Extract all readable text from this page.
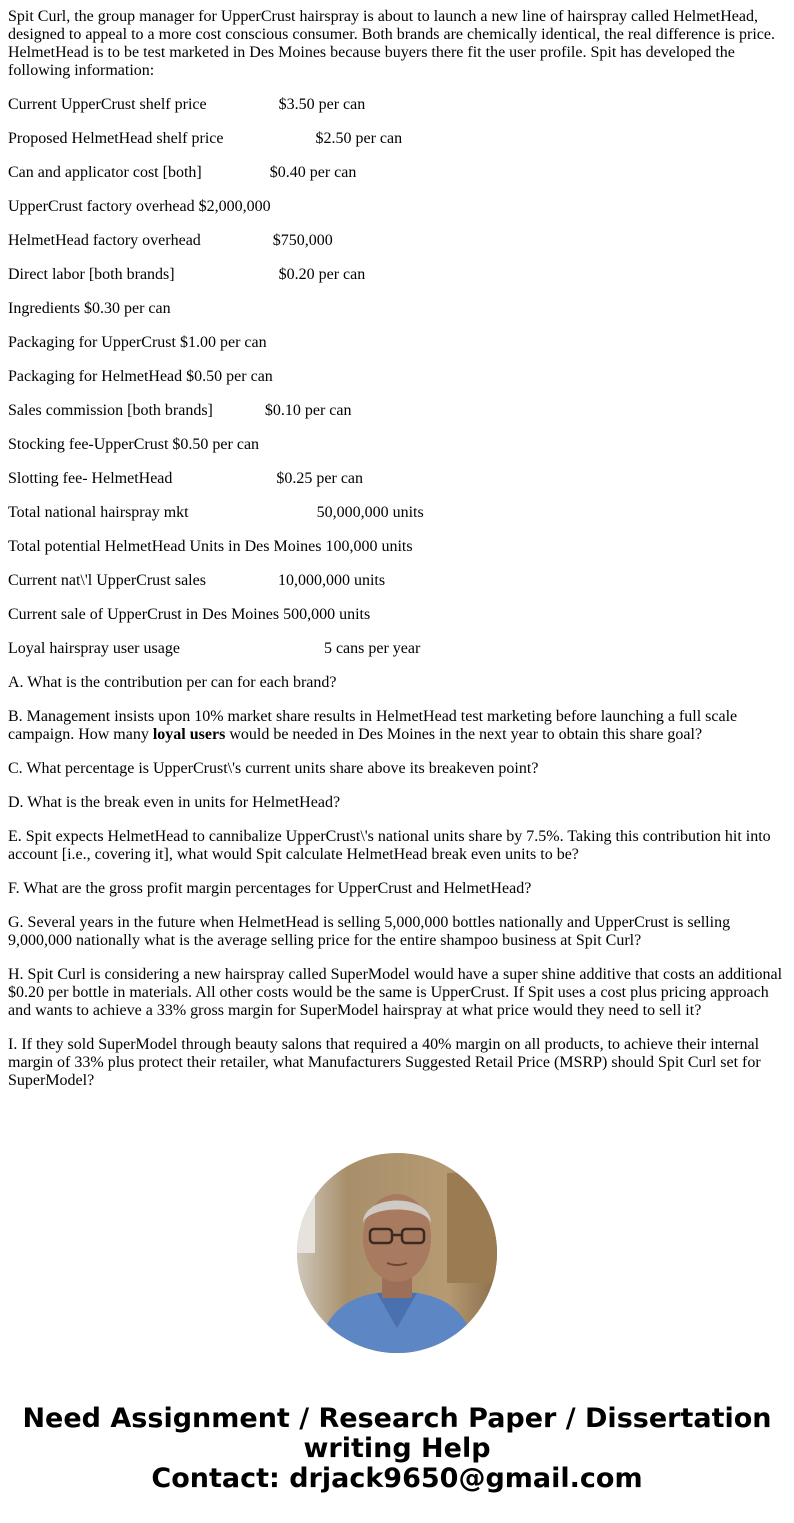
Spit Curl, the group manager for UpperCrust hairspray is about to launch a new line of hairspray called HelmetHead, designed to appeal to a more cost conscious consumer. Both brands are chemically identical, the real difference is price. HelmetHead is to be test marketed in Des Moines because buyers there fit the user profile. Spit has developed the following information:

Current UpperCrust shelf price                  $3.50 per can

Proposed HelmetHead shelf price                       $2.50 per can

Can and applicator cost [both]                 $0.40 per can

UpperCrust factory overhead $2,000,000

HelmetHead factory overhead                  $750,000

Direct labor [both brands]                          $0.20 per can

Ingredients $0.30 per can

Packaging for UpperCrust $1.00 per can

Packaging for HelmetHead $0.50 per can

Sales commission [both brands]             $0.10 per can

Stocking fee-UpperCrust $0.50 per can

Slotting fee- HelmetHead                          $0.25 per can

Total national hairspray mkt                                50,000,000 units

Total potential HelmetHead Units in Des Moines 100,000 units

Current nat\'l UpperCrust sales                  10,000,000 units

Current sale of UpperCrust in Des Moines 500,000 units

Loyal hairspray user usage                                    5 cans per year

A. What is the contribution per can for each brand?

B. Management insists upon 10% market share results in HelmetHead test marketing before launching a full scale campaign. How many loyal users would be needed in Des Moines in the next year to obtain this share goal?

C. What percentage is UpperCrust\'s current units share above its breakeven point?

D. What is the break even in units for HelmetHead?

E. Spit expects HelmetHead to cannibalize UpperCrust\'s national units share by 7.5%. Taking this contribution hit into account [i.e., covering it], what would Spit calculate HelmetHead break even units to be?

F. What are the gross profit margin percentages for UpperCrust and HelmetHead?

G. Several years in the future when HelmetHead is selling 5,000,000 bottles nationally and UpperCrust is selling 9,000,000 nationally what is the average selling price for the entire shampoo business at Spit Curl?

H. Spit Curl is considering a new hairspray called SuperModel would have a super shine additive that costs an additional $0.20 per bottle in materials. All other costs would be the same is UpperCrust. If Spit uses a cost plus pricing approach and wants to achieve a 33% gross margin for SuperModel hairspray at what price would they need to sell it?

I. If they sold SuperModel through beauty salons that required a 40% margin on all products, to achieve their internal margin of 33% plus protect their retailer, what Manufacturers Suggested Retail Price (MSRP) should Spit Curl set for SuperModel?

Need Assignment / Research Paper / Dissertation
writing Help
Contact: drjack9650@gmail.com
